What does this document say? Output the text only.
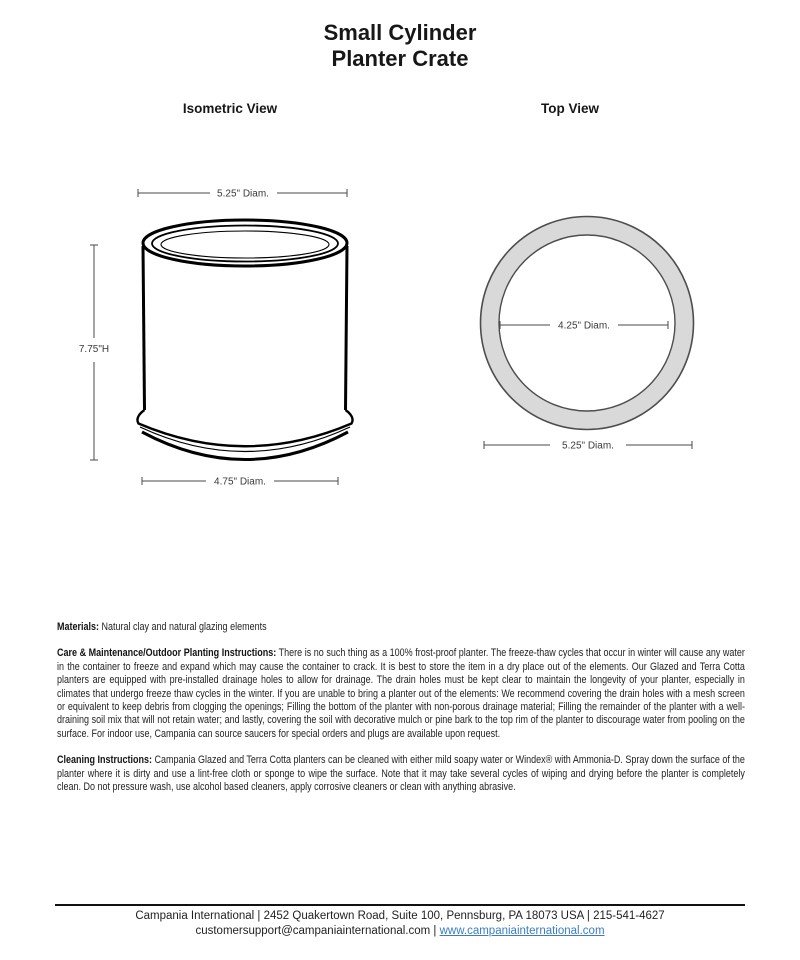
Small Cylinder
Planter Crate
Isometric View	Top View
5.25" Diam.
7.75"H
4.75" Diam.
4.25" Diam.
5.25" Diam.

Materials: Natural clay and natural glazing elements

Care & Maintenance/Outdoor Planting Instructions: There is no such thing as a 100% frost-proof planter. The freeze-thaw cycles that occur in winter will cause any water in the container to freeze and expand which may cause the container to crack. It is best to store the item in a dry place out of the elements. Our Glazed and Terra Cotta planters are equipped with pre-installed drainage holes to allow for drainage. The drain holes must be kept clear to maintain the longevity of your planter, especially in climates that undergo freeze thaw cycles in the winter. If you are unable to bring a planter out of the elements: We recommend covering the drain holes with a mesh screen or equivalent to keep debris from clogging the openings; Filling the bottom of the planter with non-porous drainage material; Filling the remainder of the planter with a well-draining soil mix that will not retain water; and lastly, covering the soil with decorative mulch or pine bark to the top rim of the planter to discourage water from pooling on the surface. For indoor use, Campania can source saucers for special orders and plugs are available upon request.

Cleaning Instructions: Campania Glazed and Terra Cotta planters can be cleaned with either mild soapy water or Windex® with Ammonia-D. Spray down the surface of the planter where it is dirty and use a lint-free cloth or sponge to wipe the surface. Note that it may take several cycles of wiping and drying before the planter is completely clean. Do not pressure wash, use alcohol based cleaners, apply corrosive cleaners or clean with anything abrasive.

Campania International | 2452 Quakertown Road, Suite 100, Pennsburg, PA 18073 USA | 215-541-4627
customersupport@campaniainternational.com | www.campaniainternational.com
